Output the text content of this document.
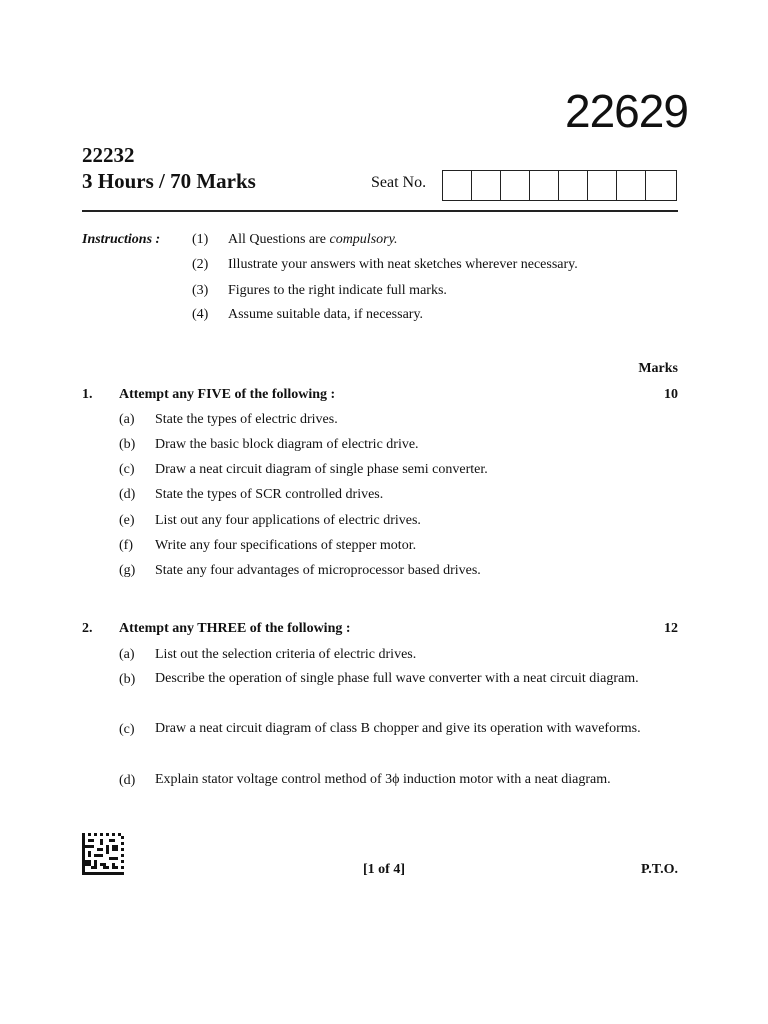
22629
22232
3 Hours / 70 Marks	Seat No.
Instructions : (1) All Questions are compulsory.
(2) Illustrate your answers with neat sketches wherever necessary.
(3) Figures to the right indicate full marks.
(4) Assume suitable data, if necessary.
Marks
1. Attempt any FIVE of the following :	10
(a) State the types of electric drives.
(b) Draw the basic block diagram of electric drive.
(c) Draw a neat circuit diagram of single phase semi converter.
(d) State the types of SCR controlled drives.
(e) List out any four applications of electric drives.
(f) Write any four specifications of stepper motor.
(g) State any four advantages of microprocessor based drives.
2. Attempt any THREE of the following :	12
(a) List out the selection criteria of electric drives.
(b) Describe the operation of single phase full wave converter with a neat circuit diagram.
(c) Draw a neat circuit diagram of class B chopper and give its operation with waveforms.
(d) Explain stator voltage control method of 3ϕ induction motor with a neat diagram.
[1 of 4]	P.T.O.
